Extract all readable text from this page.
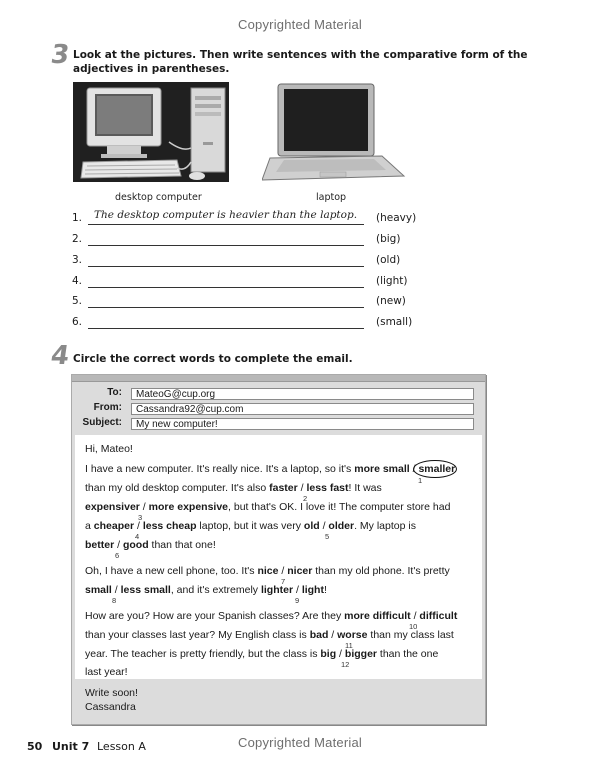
Copyrighted Material
3 Look at the pictures. Then write sentences with the comparative form of the
adjectives in parentheses.
desktop computer	laptop
1. The desktop computer is heavier than the laptop. (heavy)
2.	(big)
3.	(old)
4.	(light)
5.	(new)
6.	(small)
4 Circle the correct words to complete the email.
To:	MateoG@cup.org
From:	Cassandra92@cup.com
Subject:	My new computer!
Hi, Mateo!
I have a new computer. It's really nice. It's a laptop, so it's more small / smaller
1
than my old desktop computer. It's also faster / less fast! It was
2
expensiver / more expensive, but that's OK. I love it! The computer store had
3
a cheaper / less cheap laptop, but it was very old / older. My laptop is
4	5
better / good than that one!
6
Oh, I have a new cell phone, too. It's nice / nicer than my old phone. It's pretty
7
small / less small, and it's extremely lighter / light!
8	9
How are you? How are your Spanish classes? Are they more difficult / difficult
10
than your classes last year? My English class is bad / worse than my class last
11
year. The teacher is pretty friendly, but the class is big / bigger than the one
12
last year!
Write soon!
Cassandra
50 Unit 7 Lesson A	Copyrighted Material
